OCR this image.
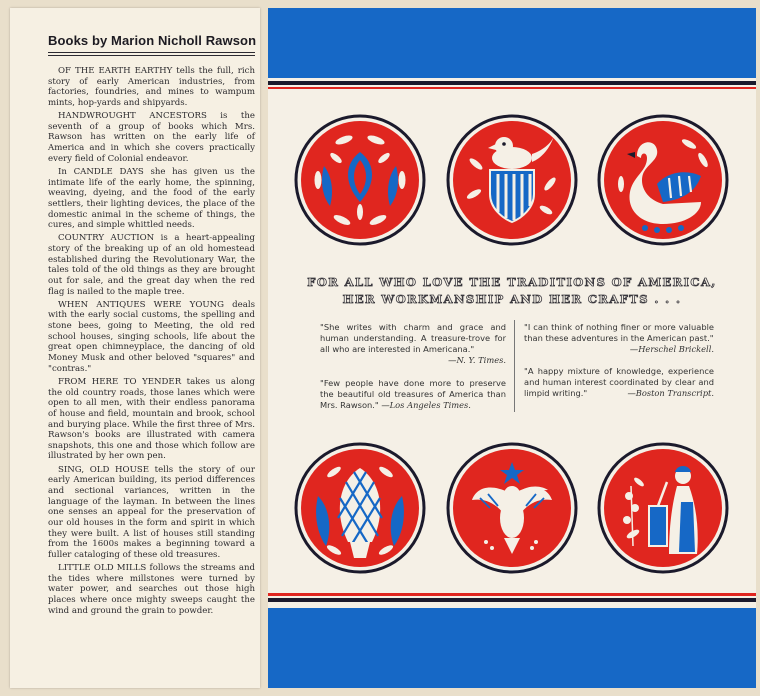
Books by Marion Nicholl Rawson

OF THE EARTH EARTHY tells the full, rich story of early American industries, from factories, foundries, and mines to wampum mints, hop-yards and shipyards.

HANDWROUGHT ANCESTORS is the seventh of a group of books which Mrs. Rawson has written on the early life of America and in which she covers practically every field of Colonial endeavor.

In CANDLE DAYS she has given us the intimate life of the early home, the spinning, weaving, dyeing, and the food of the early settlers, their lighting devices, the place of the domestic animal in the scheme of things, the cures, and simple whittled needs.

COUNTRY AUCTION is a heart-appealing story of the breaking up of an old homestead established during the Revolutionary War, the tales told of the old things as they are brought out for sale, and the great day when the red flag is nailed to the maple tree.

WHEN ANTIQUES WERE YOUNG deals with the early social customs, the spelling and stone bees, going to Meeting, the old red school houses, singing schools, life about the great open chimneyplace, the dancing of old Money Musk and other beloved "squares" and "contras."

FROM HERE TO YENDER takes us along the old country roads, those lanes which were open to all men, with their endless panorama of house and field, mountain and brook, school and burying place. While the first three of Mrs. Rawson's books are illustrated with camera snapshots, this one and those which follow are illustrated by her own pen.

SING, OLD HOUSE tells the story of our early American building, its period differences and sectional variances, written in the language of the layman. In between the lines one senses an appeal for the preservation of our old houses in the form and spirit in which they were built. A list of houses still standing from the 1600s makes a beginning toward a fuller cataloging of these old treasures.

LITTLE OLD MILLS follows the streams and the tides where millstones were turned by water power, and searches out those high places where once mighty sweeps caught the wind and ground the grain to powder.

FOR ALL WHO LOVE THE TRADITIONS OF AMERICA,

HER WORKMANSHIP AND HER CRAFTS . . .

"She writes with charm and grace and human understanding. A treasure-trove for all who are interested in Americana."
—N. Y. Times.
"Few people have done more to preserve the beautiful old treasures of America than Mrs. Rawson." —Los Angeles Times.
"I can think of nothing finer or more valuable than these adventures in the American past."
—Herschel Brickell.
"A happy mixture of knowledge, experience and human interest coordinated by clear and limpid writing."	—Boston Transcript.
